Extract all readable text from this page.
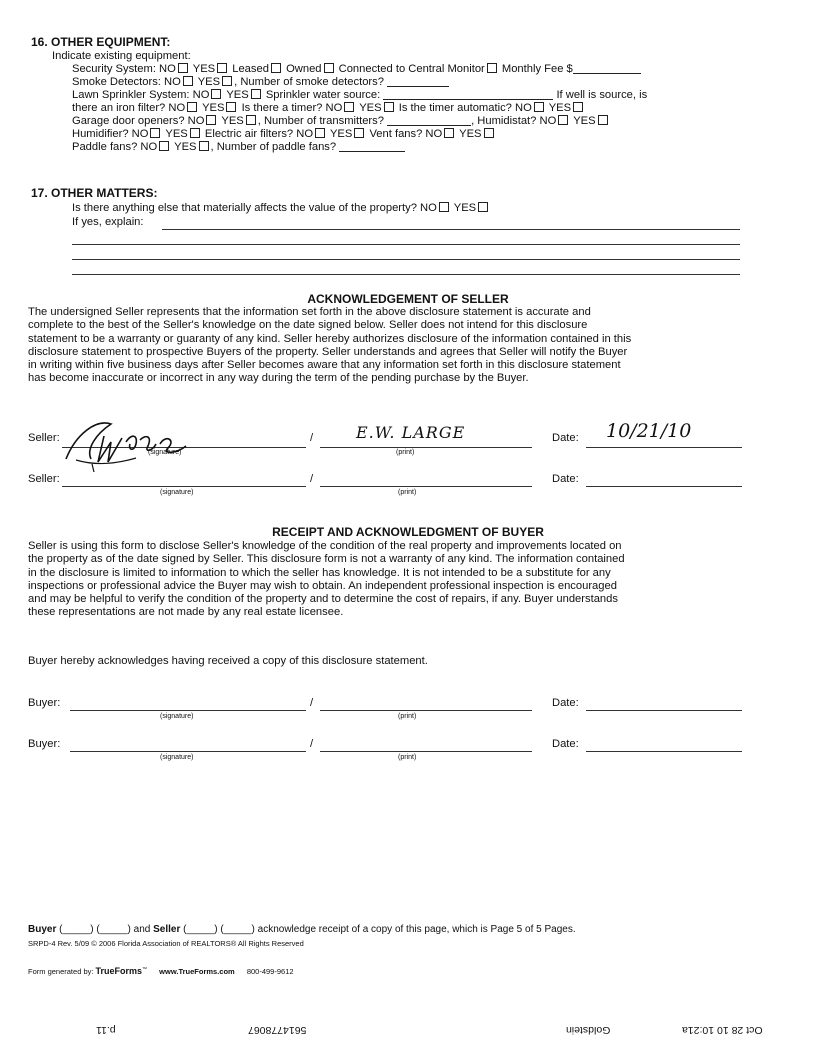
16. OTHER EQUIPMENT:
Indicate existing equipment:
Security System: NO YES Leased Owned Connected to Central Monitor Monthly Fee $
Smoke Detectors: NO YES , Number of smoke detectors?
Lawn Sprinkler System: NO YES Sprinkler water source:	If well is source, is
there an iron filter? NO YES Is there a timer? NO YES Is the timer automatic? NO YES
Garage door openers? NO YES , Number of transmitters?	, Humidistat? NO YES
Humidifier? NO YES Electric air filters? NO YES Vent fans? NO YES
Paddle fans? NO YES , Number of paddle fans?
17. OTHER MATTERS:
Is there anything else that materially affects the value of the property? NO YES
If yes, explain:
ACKNOWLEDGEMENT OF SELLER
The undersigned Seller represents that the information set forth in the above disclosure statement is accurate and
complete to the best of the Seller's knowledge on the date signed below. Seller does not intend for this disclosure
statement to be a warranty or guaranty of any kind. Seller hereby authorizes disclosure of the information contained in this
disclosure statement to prospective Buyers of the property. Seller understands and agrees that Seller will notify the Buyer
in writing within five business days after Seller becomes aware that any information set forth in this disclosure statement
has become inaccurate or incorrect in any way during the term of the pending purchase by the Buyer.
Seller:
(signature)
/	E.W. LARGE
(print)
Date: 10/21/10
Seller:
(signature)
/
(print)
Date:
RECEIPT AND ACKNOWLEDGMENT OF BUYER
Seller is using this form to disclose Seller's knowledge of the condition of the real property and improvements located on
the property as of the date signed by Seller. This disclosure form is not a warranty of any kind. The information contained
in the disclosure is limited to information to which the seller has knowledge. It is not intended to be a substitute for any
inspections or professional advice the Buyer may wish to obtain. An independent professional inspection is encouraged
and may be helpful to verify the condition of the property and to determine the cost of repairs, if any. Buyer understands
these representations are not made by any real estate licensee.
Buyer hereby acknowledges having received a copy of this disclosure statement.
Buyer:
(signature)
/
(print)
Date:
Buyer:
(signature)
/
(print)
Date:
Buyer (_____) (_____) and Seller (_____) (_____) acknowledge receipt of a copy of this page, which is Page 5 of 5 Pages.
SRPD-4 Rev. 5/09 © 2006 Florida Association of REALTORS® All Rights Reserved
Form generated by: TrueForms™ www.TrueForms.com 800-499-9612
p.11	5614778067	Goldstein	Oct 28 10 10:21a
